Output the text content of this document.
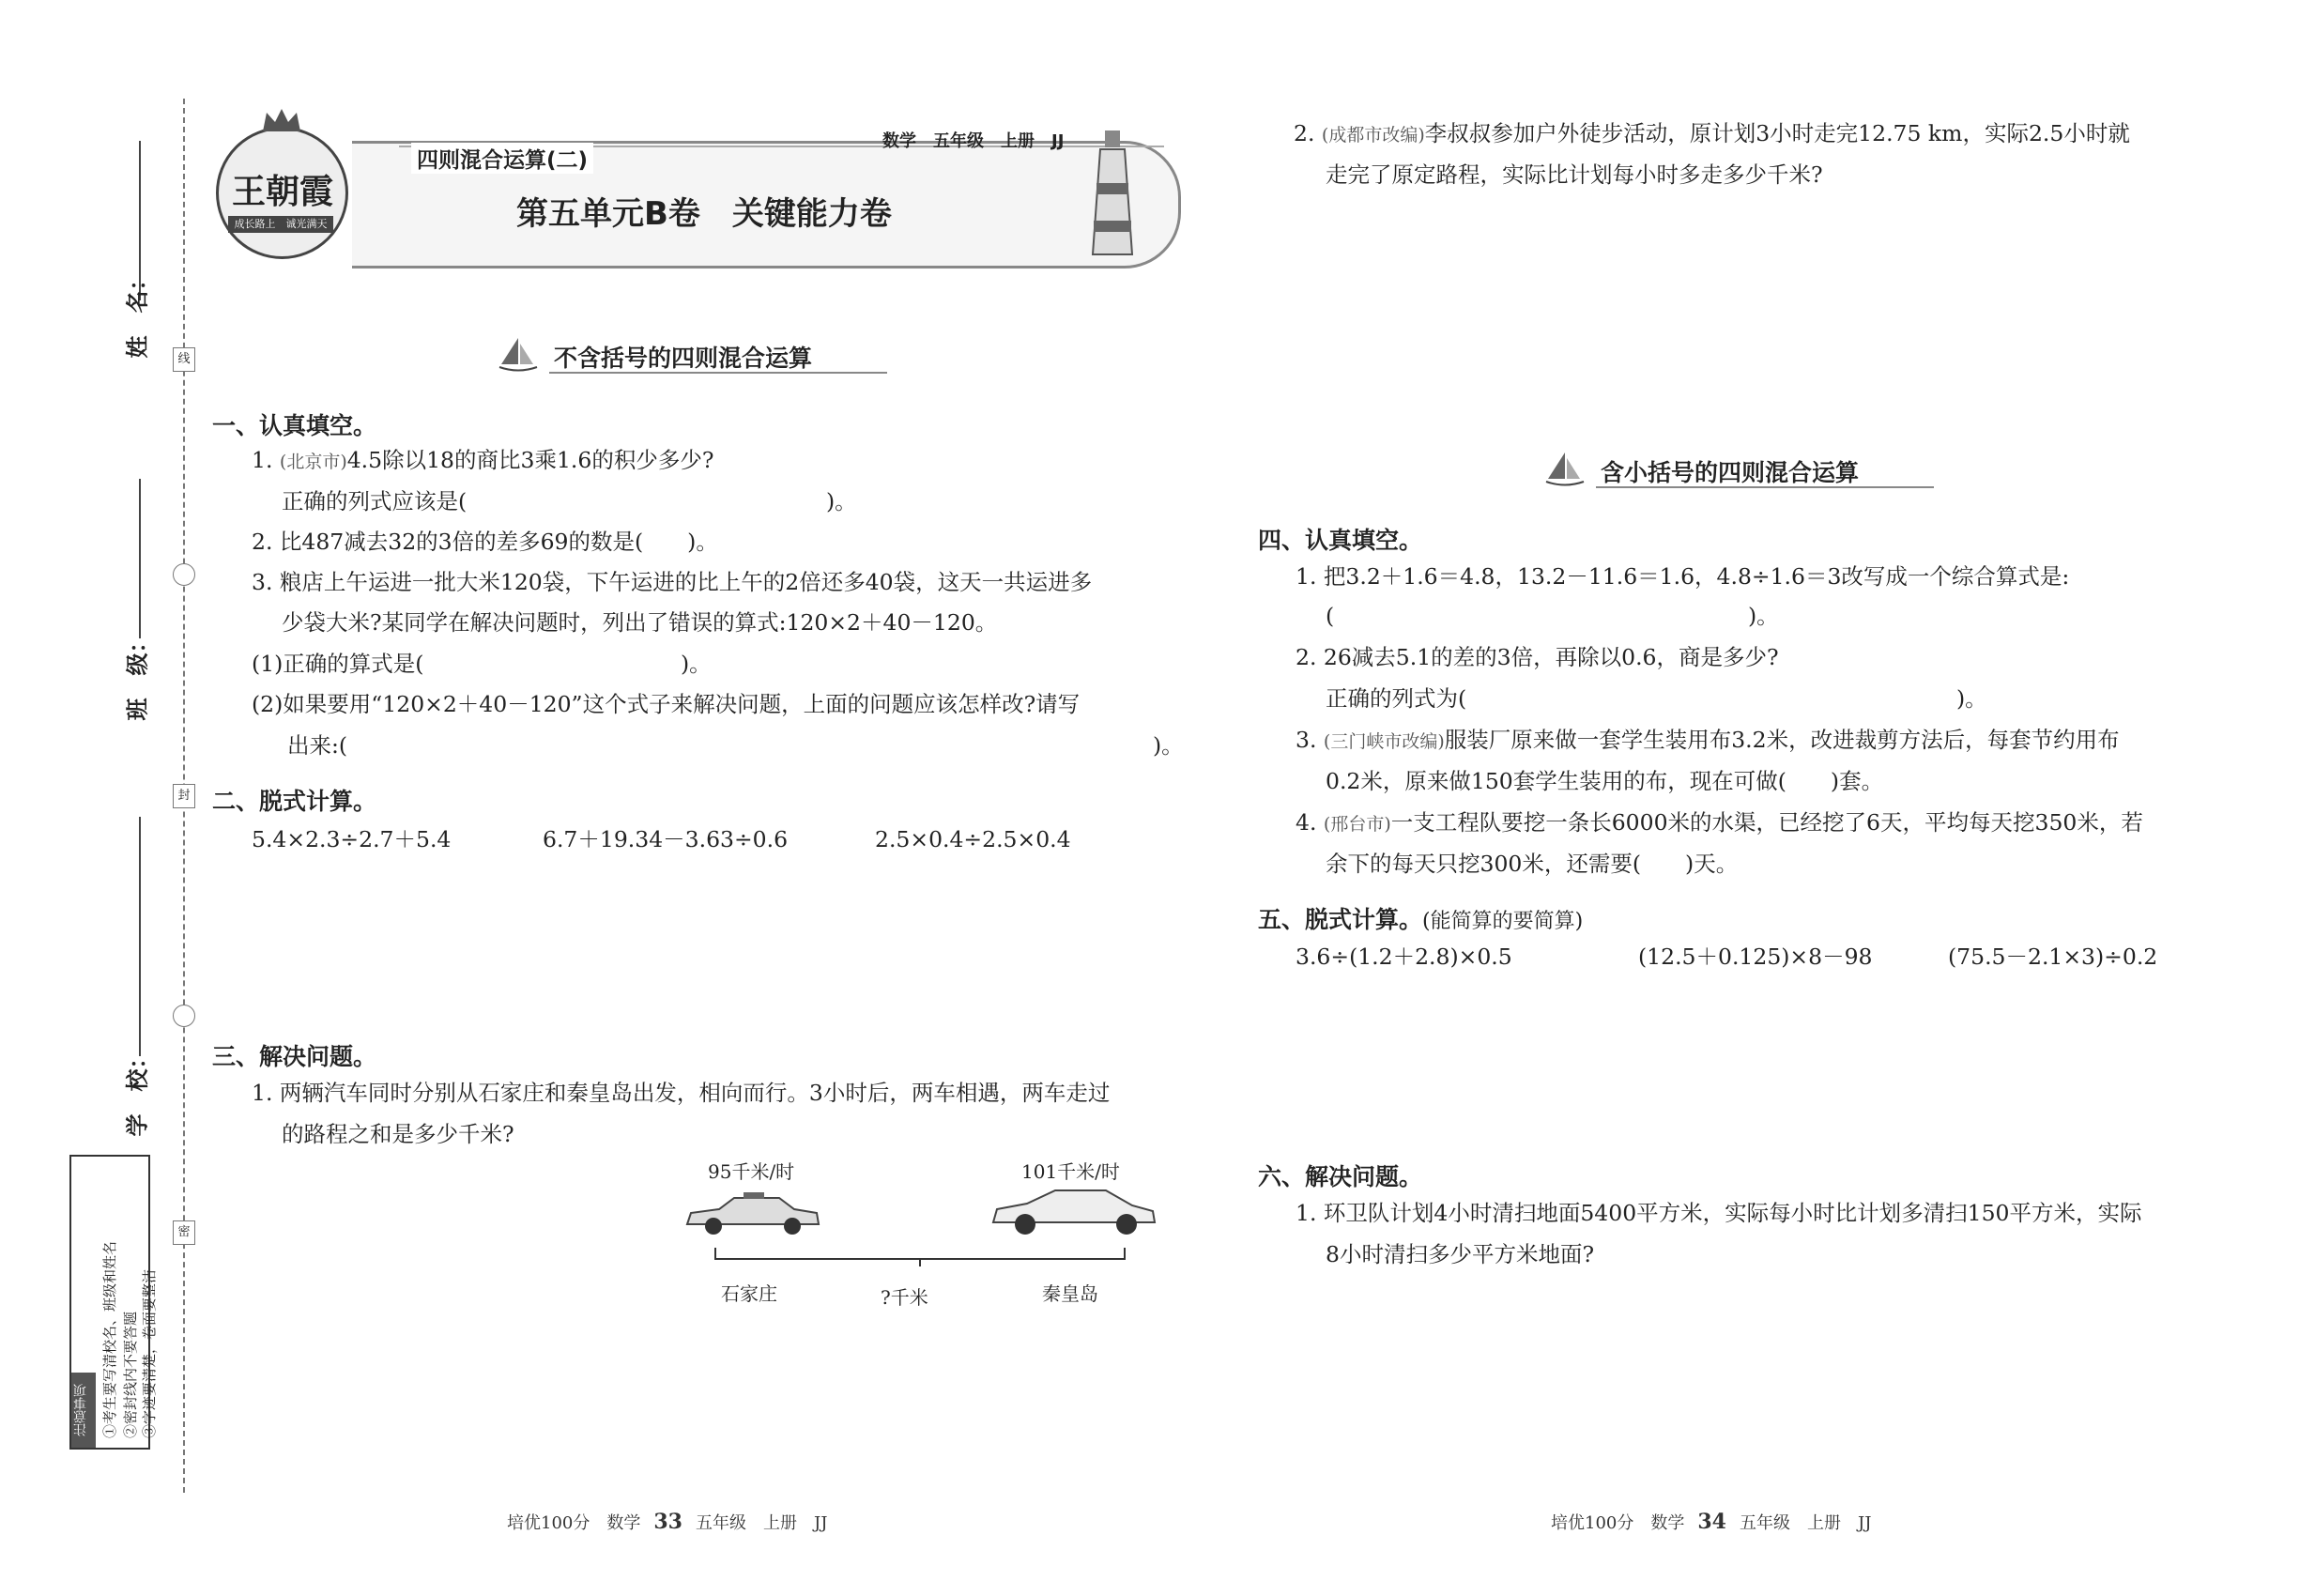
线
封
密
姓　名：
班　级：
学　校：
注意事项 ①考生要写清校名、班级和姓名 ②密封线内不要答题 ③字迹要清楚，卷面要整洁
王朝霞
成长路上　诚光满天
四则混合运算(二)
数学　五年级　上册　JJ
第五单元B卷　关键能力卷
不含括号的四则混合运算
一、认真填空。
1. (北京市)4.5除以18的商比3乘1.6的积少多少?
正确的列式应该是(	)。
2. 比487减去32的3倍的差多69的数是(　　)。
3. 粮店上午运进一批大米120袋，下午运进的比上午的2倍还多40袋，这天一共运进多
少袋大米?某同学在解决问题时，列出了错误的算式:120×2＋40－120。
(1)正确的算式是(	)。
(2)如果要用“120×2＋40－120”这个式子来解决问题，上面的问题应该怎样改?请写
出来:(	)。
二、脱式计算。
5.4×2.3÷2.7＋5.4	6.7＋19.34－3.63÷0.6	2.5×0.4÷2.5×0.4
三、解决问题。
1. 两辆汽车同时分别从石家庄和秦皇岛出发，相向而行。3小时后，两车相遇，两车走过
的路程之和是多少千米?
95千米/时	101千米/时
石家庄	?千米	秦皇岛
培优100分　数学 33 五年级　上册　JJ
2. (成都市改编)李叔叔参加户外徒步活动，原计划3小时走完12.75 km，实际2.5小时就
走完了原定路程，实际比计划每小时多走多少千米?
含小括号的四则混合运算
四、认真填空。
1. 把3.2＋1.6＝4.8，13.2－11.6＝1.6，4.8÷1.6＝3改写成一个综合算式是:
(	)。
2. 26减去5.1的差的3倍，再除以0.6，商是多少?
正确的列式为(	)。
3. (三门峡市改编)服装厂原来做一套学生装用布3.2米，改进裁剪方法后，每套节约用布
0.2米，原来做150套学生装用的布，现在可做(　　)套。
4. (邢台市)一支工程队要挖一条长6000米的水渠，已经挖了6天，平均每天挖350米，若
余下的每天只挖300米，还需要(　　)天。
五、脱式计算。(能简算的要简算)
3.6÷(1.2＋2.8)×0.5	(12.5＋0.125)×8－98	(75.5－2.1×3)÷0.2
六、解决问题。
1. 环卫队计划4小时清扫地面5400平方米，实际每小时比计划多清扫150平方米，实际
8小时清扫多少平方米地面?
培优100分　数学 34 五年级　上册　JJ
